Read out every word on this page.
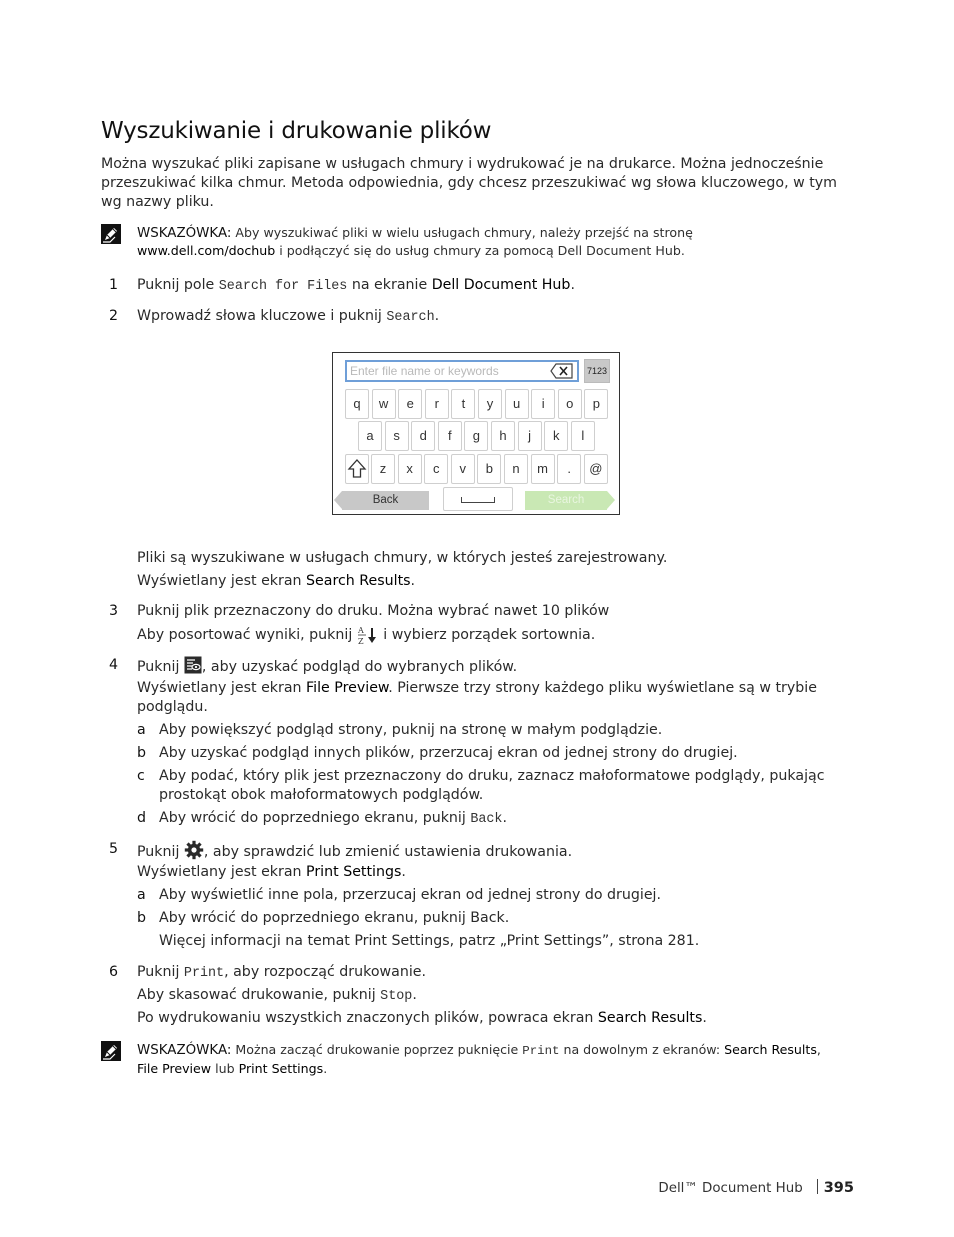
Wyszukiwanie i drukowanie plików

Można wyszukać pliki zapisane w usługach chmury i wydrukować je na drukarce. Można jednocześnie przeszukiwać kilka chmur. Metoda odpowiednia, gdy chcesz przeszukiwać wg słowa kluczowego, w tym wg nazwy pliku.

WSKAZÓWKA: Aby wyszukiwać pliki w wielu usługach chmury, należy przejść na stronę
www.dell.com/dochub i podłączyć się do usług chmury za pomocą Dell Document Hub.
1 Puknij pole Search for Files na ekranie Dell Document Hub.
2 Wprowadź słowa kluczowe i puknij Search.
Enter file name or keywords
7123
q	w	e	r	t	y	u	i	o	p
a	s	d	f	g	h	j	k	l
z	x	c	v	b	n	m	.	@
Back	Search
Pliki są wyszukiwane w usługach chmury, w których jesteś zarejestrowany.
Wyświetlany jest ekran Search Results.
3 Puknij plik przeznaczony do druku. Można wybrać nawet 10 plików
Aby posortować wyniki, puknij A
Z i wybierz porządek sortownia.
4 Puknij , aby uzyskać podgląd do wybranych plików.
Wyświetlany jest ekran File Preview. Pierwsze trzy strony każdego pliku wyświetlane są w trybie podglądu.
a Aby powiększyć podgląd strony, puknij na stronę w małym podglądzie.
b Aby uzyskać podgląd innych plików, przerzucaj ekran od jednej strony do drugiej.
c Aby podać, który plik jest przeznaczony do druku, zaznacz małoformatowe podglądy, pukając prostokąt obok małoformatowych podglądów.
d Aby wrócić do poprzedniego ekranu, puknij Back.
5 Puknij , aby sprawdzić lub zmienić ustawienia drukowania.
Wyświetlany jest ekran Print Settings.
a Aby wyświetlić inne pola, przerzucaj ekran od jednej strony do drugiej.
b Aby wrócić do poprzedniego ekranu, puknij Back.
Więcej informacji na temat Print Settings, patrz „Print Settings”, strona 281.
6 Puknij Print, aby rozpocząć drukowanie.
Aby skasować drukowanie, puknij Stop.
Po wydrukowaniu wszystkich znaczonych plików, powraca ekran Search Results.
WSKAZÓWKA: Można zacząć drukowanie poprzez puknięcie Print na dowolnym z ekranów: Search Results,
File Preview lub Print Settings.
Dell™ Document Hub 395
